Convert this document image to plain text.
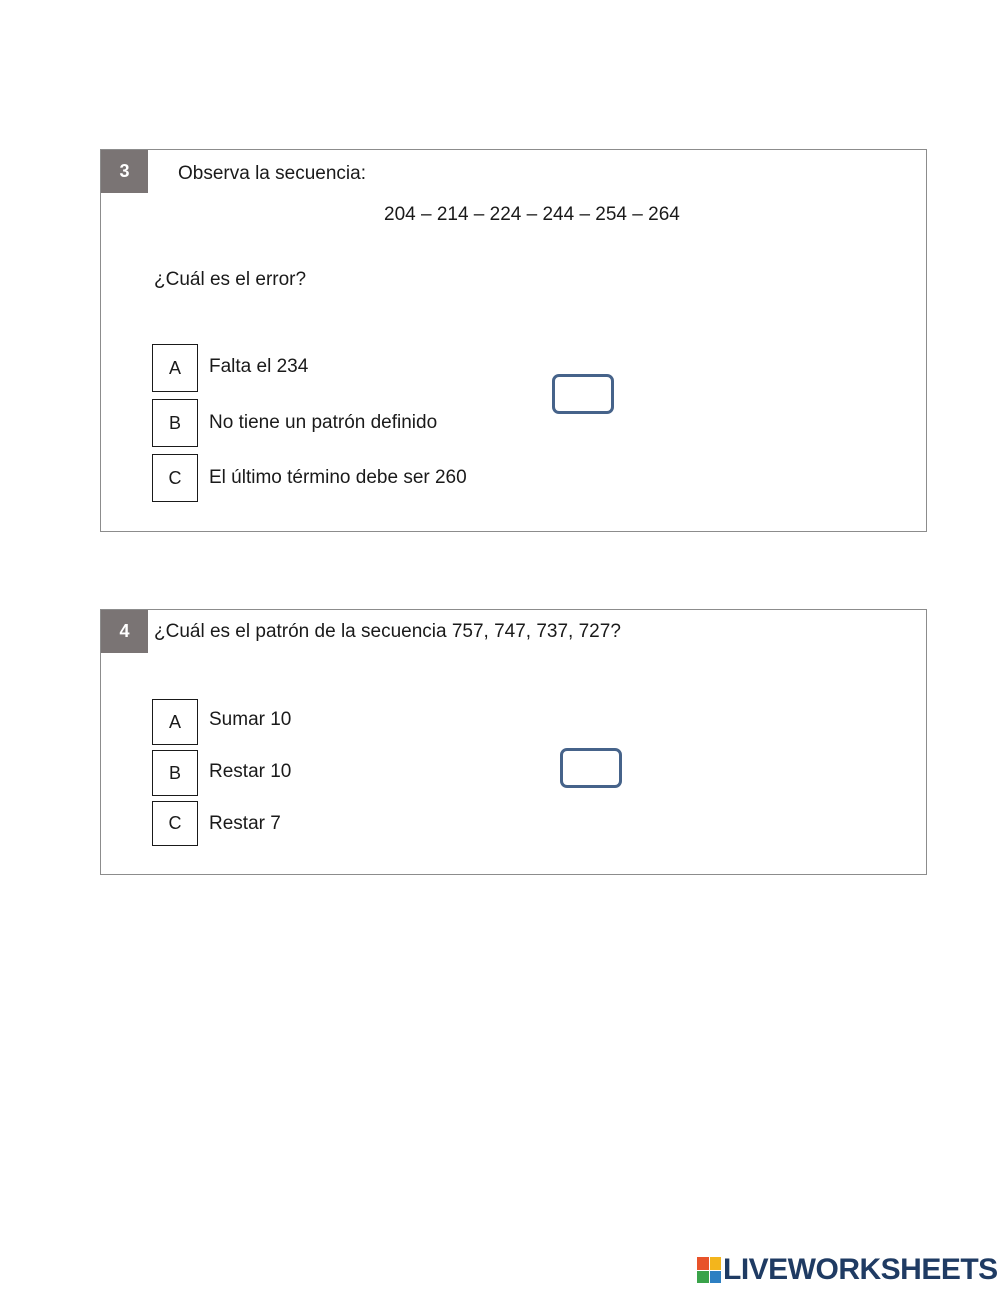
3	Observa la secuencia:
204 – 214 – 224 – 244 – 254 – 264
¿Cuál es el error?
A	Falta el 234
B	No tiene un patrón definido
C	El último término debe ser 260
4	¿Cuál es el patrón de la secuencia 757, 747, 737, 727?
A	Sumar 10
B	Restar 10
C	Restar 7
LIVEWORKSHEETS
